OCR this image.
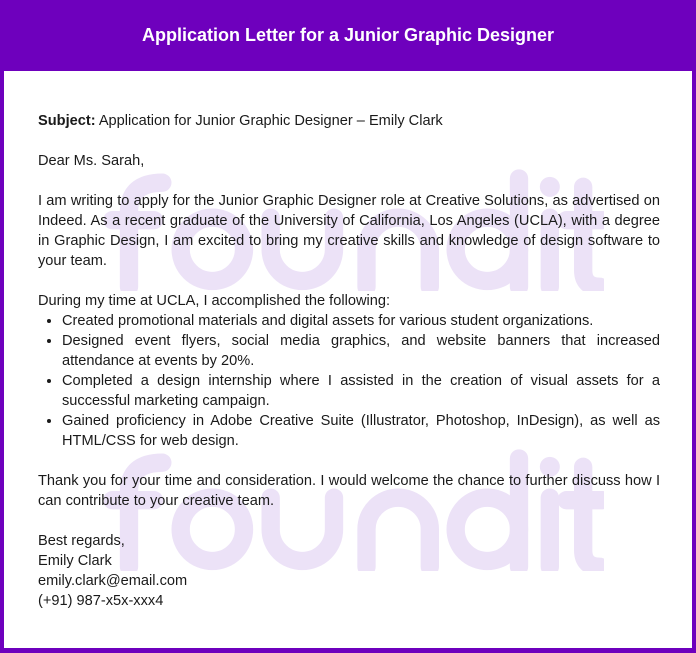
Application Letter for a Junior Graphic Designer

Subject: Application for Junior Graphic Designer – Emily Clark

Dear Ms. Sarah,

I am writing to apply for the Junior Graphic Designer role at Creative Solutions, as advertised on Indeed. As a recent graduate of the University of California, Los Angeles (UCLA), with a degree in Graphic Design, I am excited to bring my creative skills and knowledge of design software to your team.

During my time at UCLA, I accomplished the following:
• Created promotional materials and digital assets for various student organizations.
• Designed event flyers, social media graphics, and website banners that increased attendance at events by 20%.
• Completed a design internship where I assisted in the creation of visual assets for a successful marketing campaign.
• Gained proficiency in Adobe Creative Suite (Illustrator, Photoshop, InDesign), as well as HTML/CSS for web design.

Thank you for your time and consideration. I would welcome the chance to further discuss how I can contribute to your creative team.

Best regards,
Emily Clark
emily.clark@email.com
(+91) 987-x5x-xxx4
